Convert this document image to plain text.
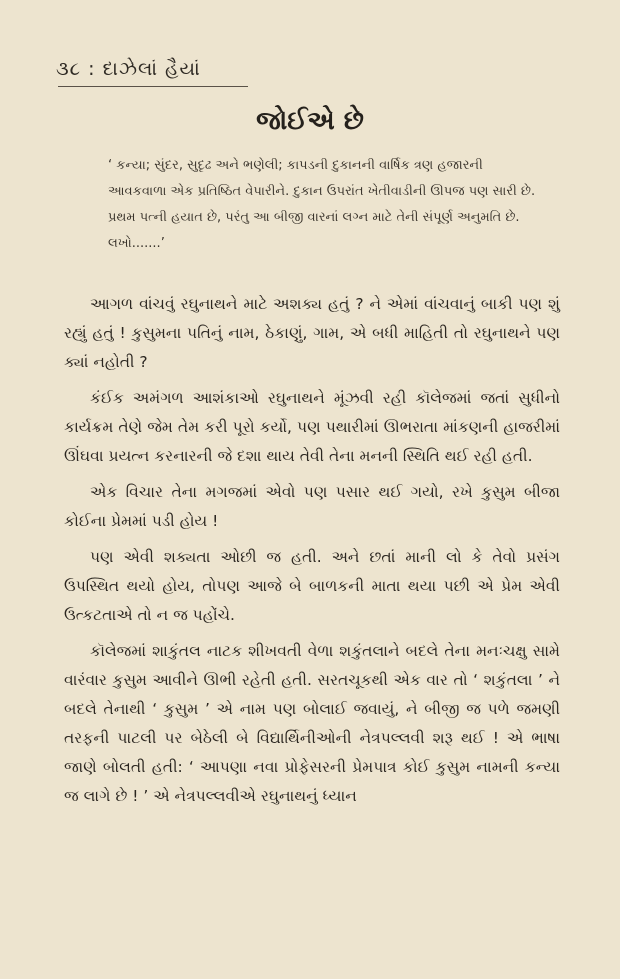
૩૮ : દાઝેલાં હૈયાં
જોઈએ છે

‘ કન્યા; સુંદર, સુદૃઢ અને ભણેલી; કાપડની દુકાનની વાર્ષિક ત્રણ હજારની આવકવાળા એક પ્રતિષ્ઠિત વેપારીને. દુકાન ઉપરાંત ખેતીવાડીની ઊપજ પણ સારી છે. પ્રથમ પત્ની હયાત છે, પરંતુ આ બીજી વારનાં લગ્ન માટે તેની સંપૂર્ણ અનુમતિ છે. લખો.......’

આગળ વાંચવું રઘુનાથને માટે અશક્ય હતું ? ને એમાં વાંચવાનું બાકી પણ શું રહ્યું હતું ! કુસુમના પતિનું નામ, ઠેકાણું, ગામ, એ બધી માહિતી તો રઘુનાથને પણ ક્યાં નહોતી ?

કંઈક અમંગળ આશંકાઓ રઘુનાથને મૂંઝવી રહી કૉલેજમાં જતાં સુધીનો કાર્યક્રમ તેણે જેમ તેમ કરી પૂરો કર્યો, પણ પથારીમાં ઊભરાતા માંકણની હાજરીમાં ઊંઘવા પ્રયત્ન કરનારની જે દશા થાય તેવી તેના મનની સ્થિતિ થઈ રહી હતી.

એક વિચાર તેના મગજમાં એવો પણ પસાર થઈ ગયો, રખે કુસુમ બીજા કોઈના પ્રેમમાં પડી હોય !

પણ એવી શક્યતા ઓછી જ હતી. અને છતાં માની લો કે તેવો પ્રસંગ ઉપસ્થિત થયો હોય, તોપણ આજે બે બાળકની માતા થયા પછી એ પ્રેમ એવી ઉત્કટતાએ તો ન જ પહોંચે.

કૉલેજમાં શાકુંતલ નાટક શીખવતી વેળા શકુંતલાને બદલે તેના મનઃચક્ષુ સામે વારંવાર કુસુમ આવીને ઊભી રહેતી હતી. સરતચૂકથી એક વાર તો ‘ શકુંતલા ’ ને બદલે તેનાથી ‘ કુસુમ ’ એ નામ પણ બોલાઈ જવાયું, ને બીજી જ પળે જમણી તરફની પાટલી પર બેઠેલી બે વિદ્યાર્થિનીઓની નેત્રપલ્લવી શરૂ થઈ ! એ ભાષા જાણે બોલતી હતી: ‘ આપણા નવા પ્રોફેસરની પ્રેમપાત્ર કોઈ કુસુમ નામની કન્યા જ લાગે છે ! ’ એ નેત્રપલ્લવીએ રઘુનાથનું ધ્યાન
